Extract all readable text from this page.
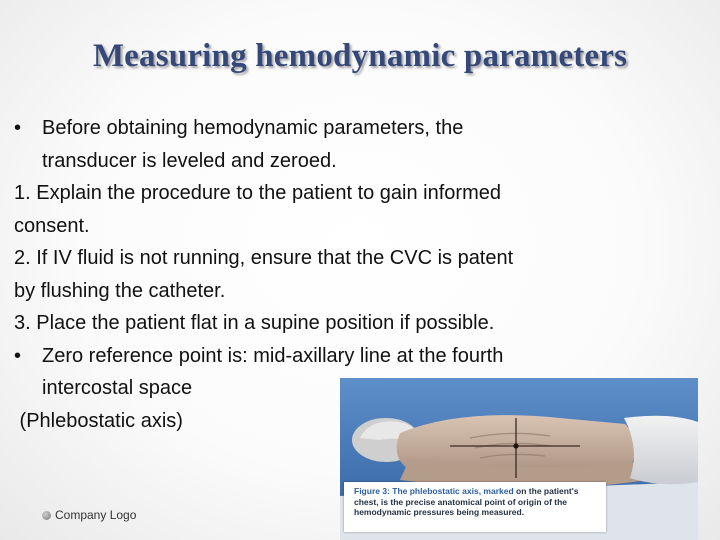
Measuring hemodynamic parameters
• Before obtaining hemodynamic parameters, the
transducer is leveled and zeroed.
1. Explain the procedure to the patient to gain informed
consent.
2. If IV fluid is not running, ensure that the CVC is patent
by flushing the catheter.
3. Place the patient flat in a supine position if possible.
• Zero reference point is: mid-axillary line at the fourth
intercostal space
(Phlebostatic axis)
Figure 3: The phlebostatic axis, marked on the patient's chest, is the precise anatomical point of origin of the hemodynamic pressures being measured.
Company Logo
